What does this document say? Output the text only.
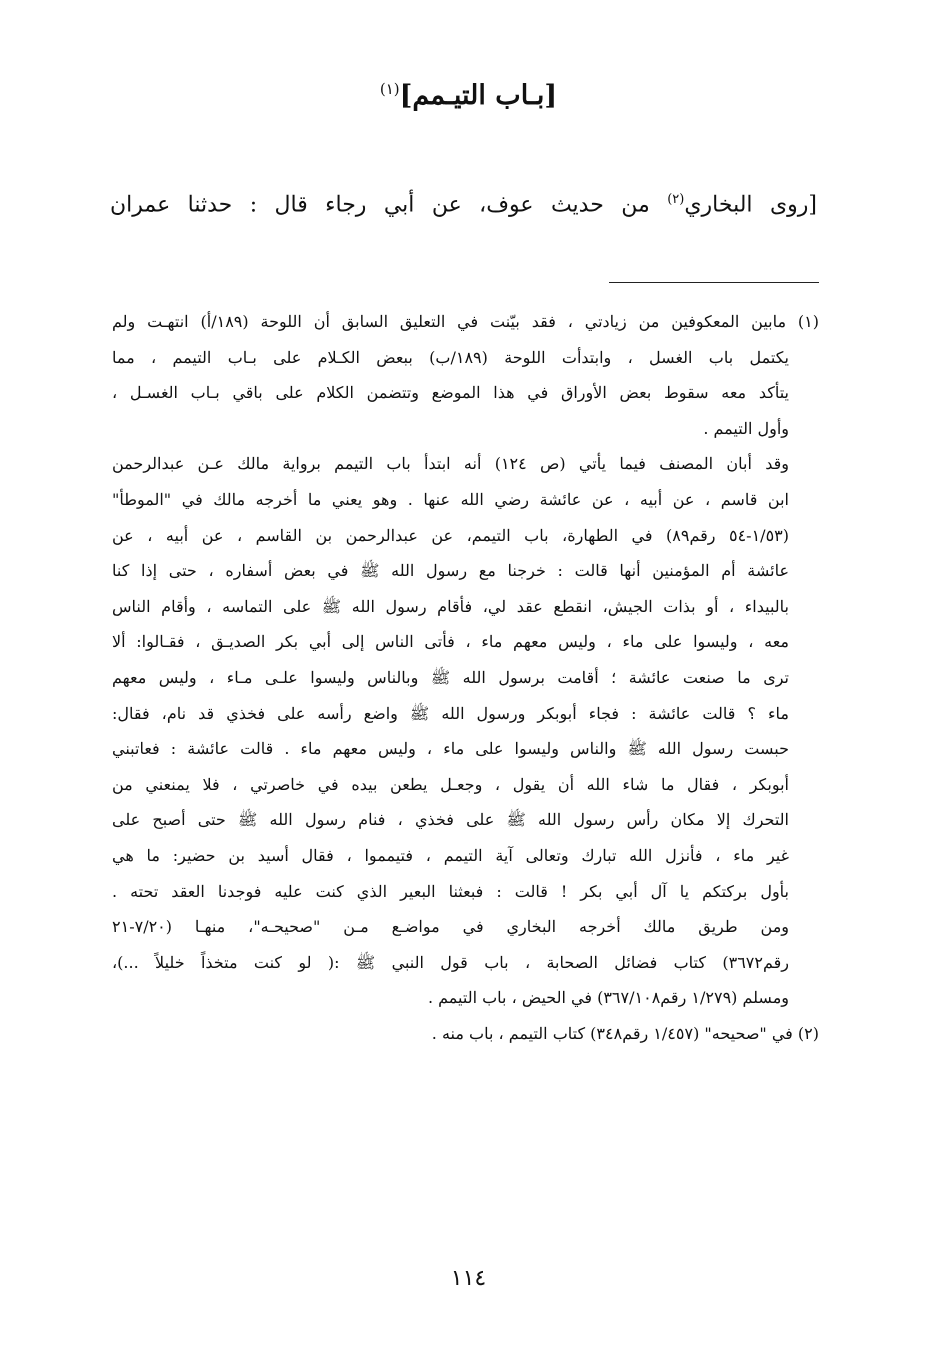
[بـاب التيـمم]$^{(١)}$
[روى البخاري$^{(٢)}$ من حديث عوف، عن أبي رجاء قال : حدثنا عمران
(١) مابين المعكوفين من زيادتي ، فقد بيّنت في التعليق السابق أن اللوحة (١٨٩/أ) انتهـت ولم
يكتمل باب الغسل ، وابتدأت اللوحة (١٨٩/ب) ببعض الكـلام على بـاب التيمم ، مما
يتأكد معه سقوط بعض الأوراق في هذا الموضع وتتضمن الكلام على باقي بـاب الغسـل ،
وأول التيمم .
وقد أبان المصنف فيما يأتي (ص ١٢٤) أنه ابتدأ باب التيمم برواية مالك عـن عبدالرحمن
ابن قاسم ، عن أبيه ، عن عائشة رضي الله عنها . وهو يعني ما أخرجه مالك في "الموطأ"
(١/٥٣-٥٤ رقم٨٩) في الطهارة، باب التيمم، عن عبدالرحمن بن القاسم ، عن أبيه ، عن
عائشة أم المؤمنين أنها قالت : خرجنا مع رسول الله ﷺ في بعض أسفاره ، حتى إذا كنا
بالبيداء ، أو بذات الجيش، انقطع عقد لي، فأقام رسول الله ﷺ على التماسه ، وأقام الناس
معه ، وليسوا على ماء ، وليس معهم ماء ، فأتى الناس إلى أبي بكر الصديـق ، فقـالوا: ألا
ترى ما صنعت عائشة ؛ أقامت برسول الله ﷺ وبالناس وليسوا علـى مـاء ، وليس معهم
ماء ؟ قالت عائشة : فجاء أبوبكر ورسول الله ﷺ واضع رأسه على فخذي قد نام، فقال:
حبست رسول الله ﷺ والناس وليسوا على ماء ، وليس معهم ماء . قالت عائشة : فعاتبني
أبوبكر ، فقال ما شاء الله أن يقول ، وجعـل يطعن بيده في خاصرتي ، فلا يمنعني من
التحرك إلا مكان رأس رسول الله ﷺ على فخذي ، فنام رسول الله ﷺ حتى أصبح على
غير ماء ، فأنزل الله تبارك وتعالى آية التيمم ، فتيمموا ، فقال أسيد بن حضير: ما هي
بأول بركتكم يا آل أبي بكر ! قالت : فبعثنا البعير الذي كنت عليه فوجدنا العقد تحته .
ومن طريق مالك أخرجه البخاري في مواضـع مـن "صحيحـه"، منهـا (٧/٢٠-٢١
رقم٣٦٧٢) كتاب فضائل الصحابة ، باب قول النبي ﷺ :( لو كنت متخذاً خليلاً ...)،
ومسلم (١/٢٧٩ رقم٣٦٧/١٠٨) في الحيض ، باب التيمم .
(٢) في "صحيحه" (١/٤٥٧ رقم٣٤٨) كتاب التيمم ، باب منه .
١١٤
